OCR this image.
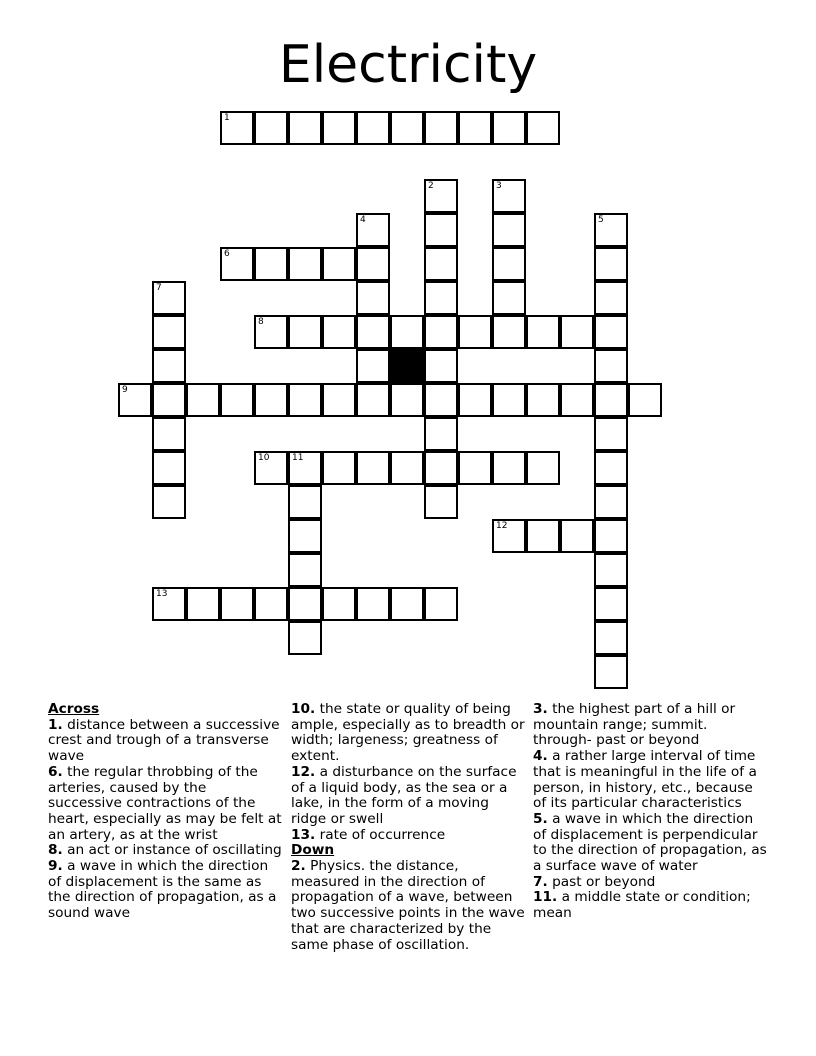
Electricity
1
2	3
4	5
6
7
8
9
10	11
12
13

Across

1. distance between a successive crest and trough of a transverse wave

6. the regular throbbing of the arteries, caused by the successive contractions of the heart, especially as may be felt at an artery, as at the wrist

8. an act or instance of oscillating

9. a wave in which the direction of displacement is the same as the direction of propagation, as a sound wave

10. the state or quality of being ample, especially as to breadth or width; largeness; greatness of extent.

12. a disturbance on the surface of a liquid body, as the sea or a lake, in the form of a moving ridge or swell

13. rate of occurrence

Down

2. Physics. the distance, measured in the direction of propagation of a wave, between two successive points in the wave that are characterized by the same phase of oscillation.

3. the highest part of a hill or mountain range; summit. through- past or beyond

4. a rather large interval of time that is meaningful in the life of a person, in history, etc., because of its particular characteristics

5. a wave in which the direction of displacement is perpendicular to the direction of propagation, as a surface wave of water

7. past or beyond

11. a middle state or condition; mean
